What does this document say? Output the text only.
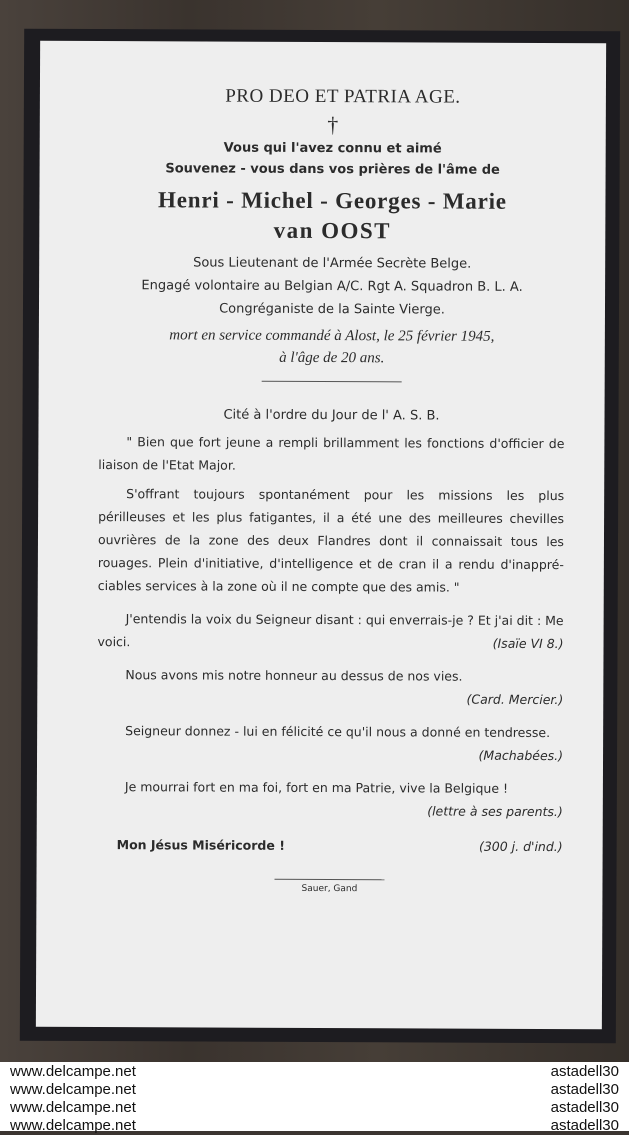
PRO DEO ET PATRIA AGE.
†
Vous qui l'avez connu et aimé
Souvenez - vous dans vos prières de l'âme de
Henri - Michel - Georges - Marie
van OOST
Sous Lieutenant de l'Armée Secrète Belge.
Engagé volontaire au Belgian A/C. Rgt A. Squadron B. L. A.
Congréganiste de la Sainte Vierge.
mort en service commandé à Alost, le 25 février 1945,
à l'âge de 20 ans.
Cité à l'ordre du Jour de l' A. S. B.
" Bien que fort jeune a rempli brillamment les fonctions d'officier de liaison de l'Etat Major.
S'offrant toujours spontanément pour les missions les plus périlleuses et les plus fatigantes, il a été une des meilleures chevilles ouvrières de la zone des deux Flandres dont il connaissait tous les rouages. Plein d'initiative, d'intelligence et de cran il a rendu d'inappré- ciables services à la zone où il ne compte que des amis. "
J'entendis la voix du Seigneur disant : qui enverrais-je ? Et j'ai dit : Me voici.	(Isaïe VI 8.)
Nous avons mis notre honneur au dessus de nos vies.

(Card. Mercier.)
Seigneur donnez - lui en félicité ce qu'il nous a donné en tendresse.
(Machabées.)
Je mourrai fort en ma foi, fort en ma Patrie, vive la Belgique !
(lettre à ses parents.)
Mon Jésus Miséricorde !	(300 j. d'ind.)
Sauer, Gand
www.delcampe.net
www.delcampe.net
www.delcampe.net
www.delcampe.net
astadell30
astadell30
astadell30
astadell30
